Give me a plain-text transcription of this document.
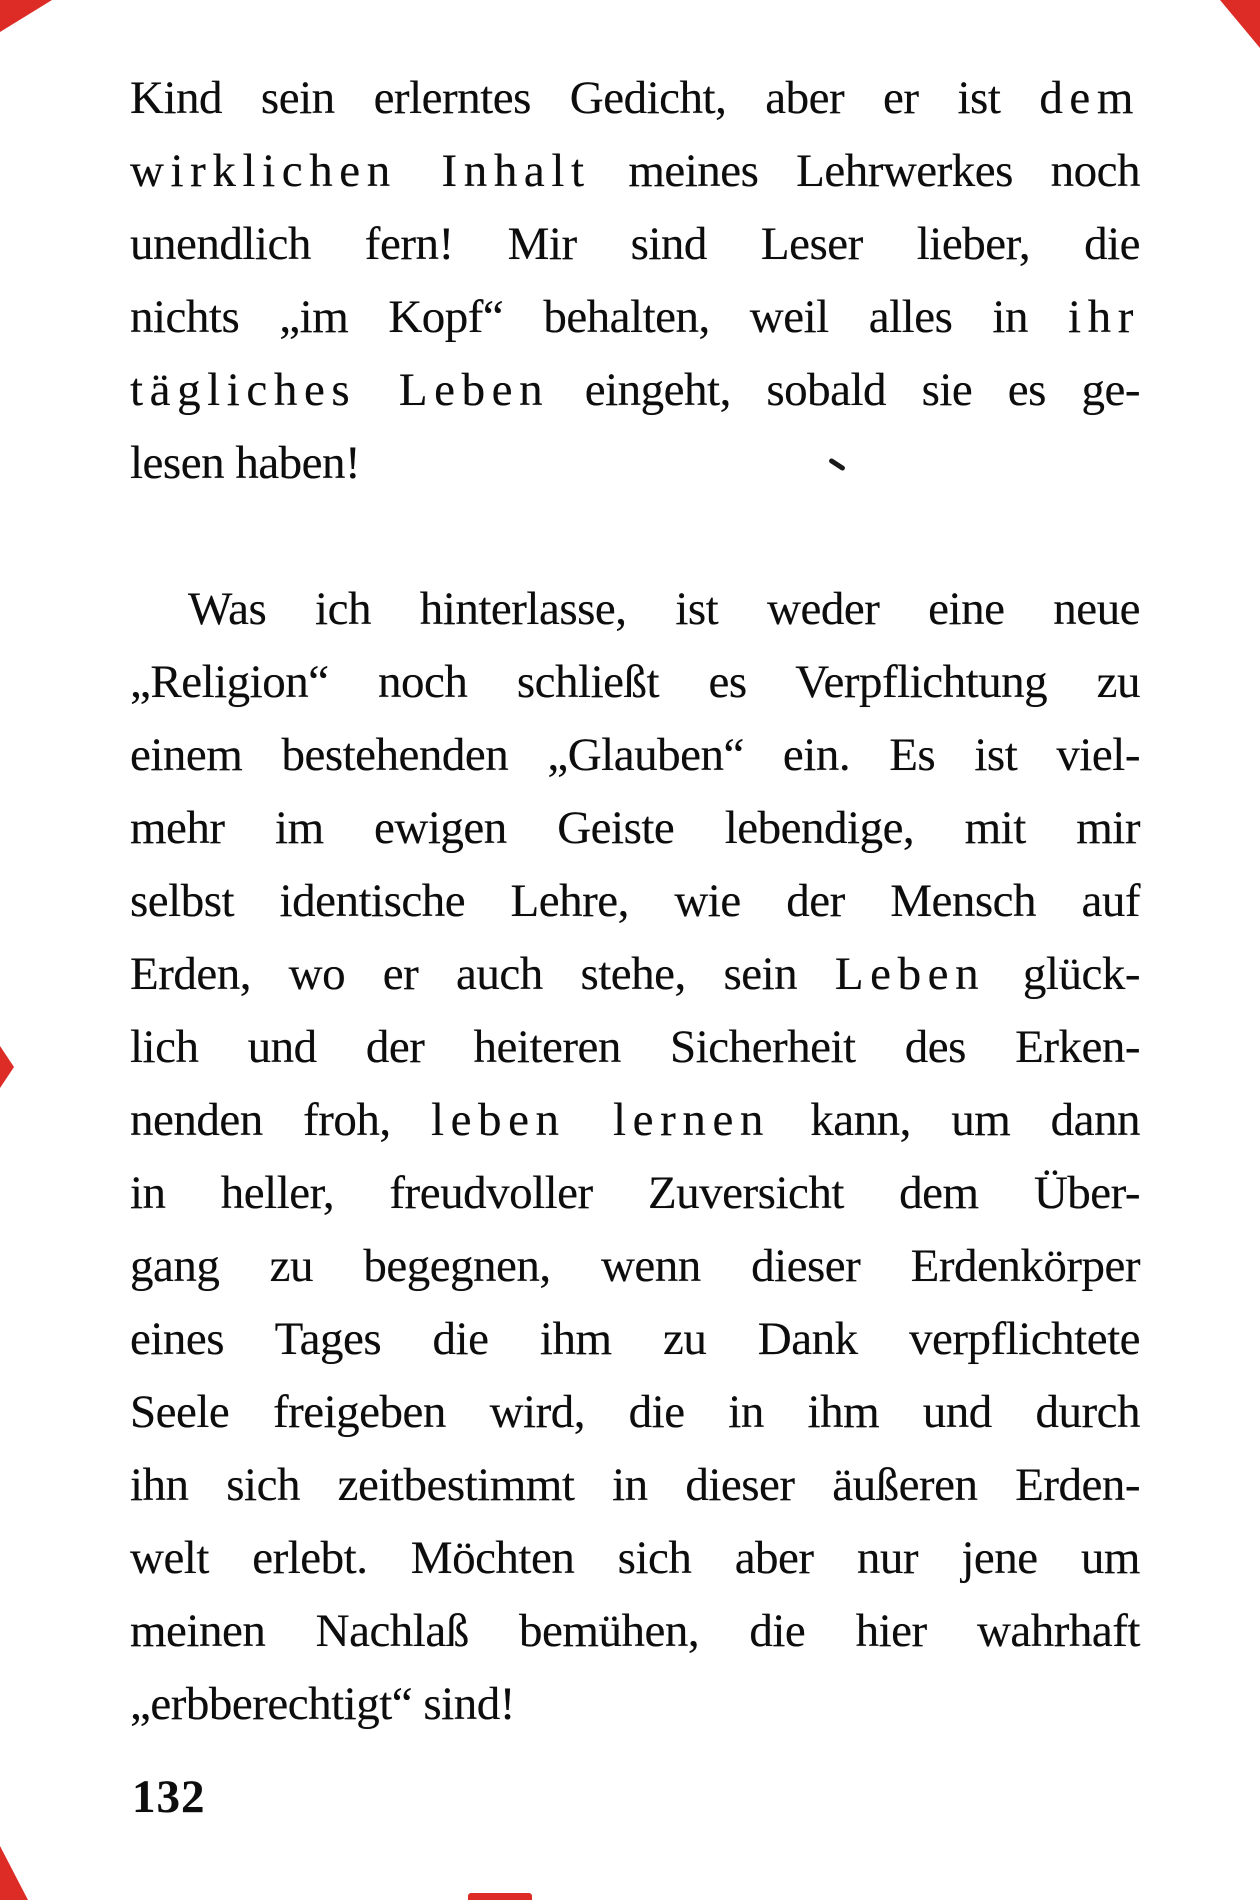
Kind sein erlerntes Gedicht, aber er ist dem
wirklichen Inhalt meines Lehrwerkes noch
unendlich fern! Mir sind Leser lieber, die
nichts „im Kopf“ behalten, weil alles in ihr
tägliches Leben eingeht, sobald sie es ge-
lesen haben!
Was ich hinterlasse, ist weder eine neue
„Religion“ noch schließt es Verpflichtung zu
einem bestehenden „Glauben“ ein. Es ist viel-
mehr im ewigen Geiste lebendige, mit mir
selbst identische Lehre, wie der Mensch auf
Erden, wo er auch stehe, sein Leben glück-
lich und der heiteren Sicherheit des Erken-
nenden froh, leben lernen kann, um dann
in heller, freudvoller Zuversicht dem Über-
gang zu begegnen, wenn dieser Erdenkörper
eines Tages die ihm zu Dank verpflichtete
Seele freigeben wird, die in ihm und durch
ihn sich zeitbestimmt in dieser äußeren Erden-
welt erlebt. Möchten sich aber nur jene um
meinen Nachlaß bemühen, die hier wahrhaft
„erbberechtigt“ sind!
132
